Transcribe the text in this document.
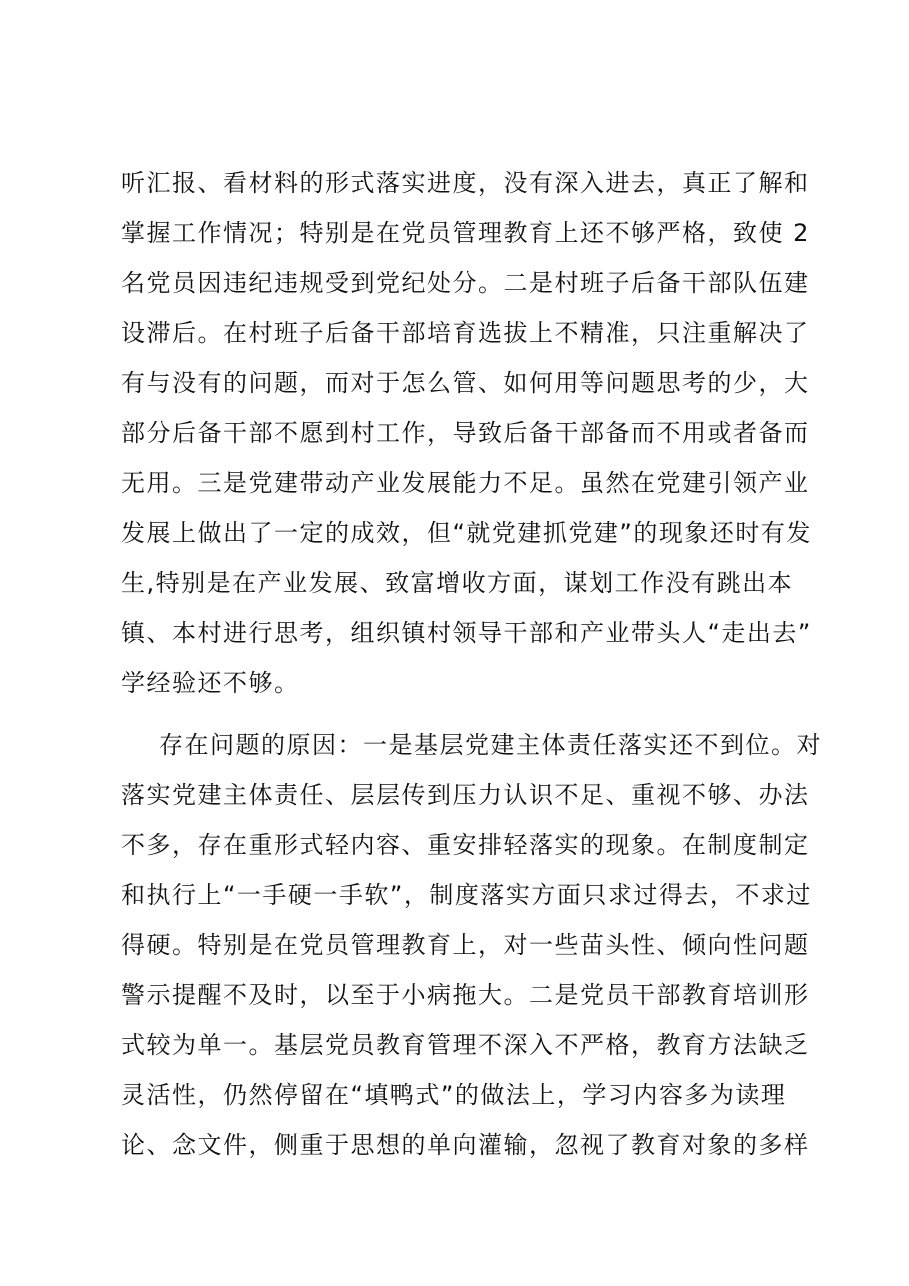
听汇报、看材料的形式落实进度，没有深入进去，真正了解和
掌握工作情况；特别是在党员管理教育上还不够严格，致使 2
名党员因违纪违规受到党纪处分。二是村班子后备干部队伍建
设滞后。在村班子后备干部培育选拔上不精准，只注重解决了
有与没有的问题，而对于怎么管、如何用等问题思考的少，大
部分后备干部不愿到村工作，导致后备干部备而不用或者备而
无用。三是党建带动产业发展能力不足。虽然在党建引领产业
发展上做出了一定的成效，但“就党建抓党建”的现象还时有发
生,特别是在产业发展、致富增收方面，谋划工作没有跳出本
镇、本村进行思考，组织镇村领导干部和产业带头人“走出去”
学经验还不够。
存在问题的原因：一是基层党建主体责任落实还不到位。对
落实党建主体责任、层层传到压力认识不足、重视不够、办法
不多，存在重形式轻内容、重安排轻落实的现象。在制度制定
和执行上“一手硬一手软”，制度落实方面只求过得去，不求过
得硬。特别是在党员管理教育上，对一些苗头性、倾向性问题
警示提醒不及时，以至于小病拖大。二是党员干部教育培训形
式较为单一。基层党员教育管理不深入不严格，教育方法缺乏
灵活性，仍然停留在“填鸭式”的做法上，学习内容多为读理
论、念文件，侧重于思想的单向灌输，忽视了教育对象的多样
